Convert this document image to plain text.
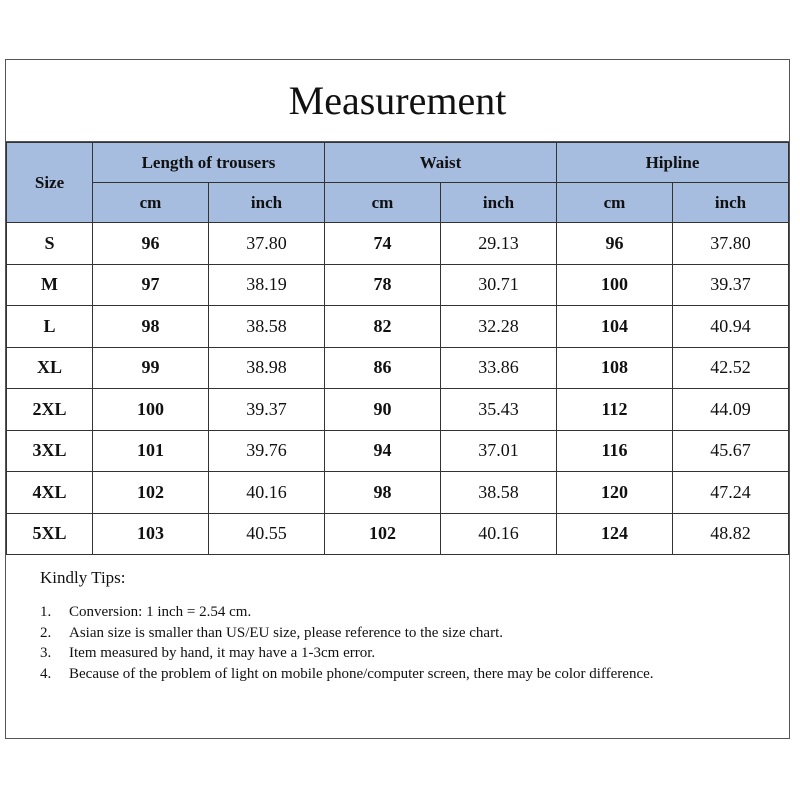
Measurement
Size	Length of trousers		Waist		Hipline	
	cm	inch	cm	inch	cm	inch
S	96	37.80	74	29.13	96	37.80
M	97	38.19	78	30.71	100	39.37
L	98	38.58	82	32.28	104	40.94
XL	99	38.98	86	33.86	108	42.52
2XL	100	39.37	90	35.43	112	44.09
3XL	101	39.76	94	37.01	116	45.67
4XL	102	40.16	98	38.58	120	47.24
5XL	103	40.55	102	40.16	124	48.82
Kindly Tips:
1.	Conversion: 1 inch = 2.54 cm.
2.	Asian size is smaller than US/EU size, please reference to the size chart.
3.	Item measured by hand, it may have a 1-3cm error.
4.	Because of the problem of light on mobile phone/computer screen, there may be color difference.
